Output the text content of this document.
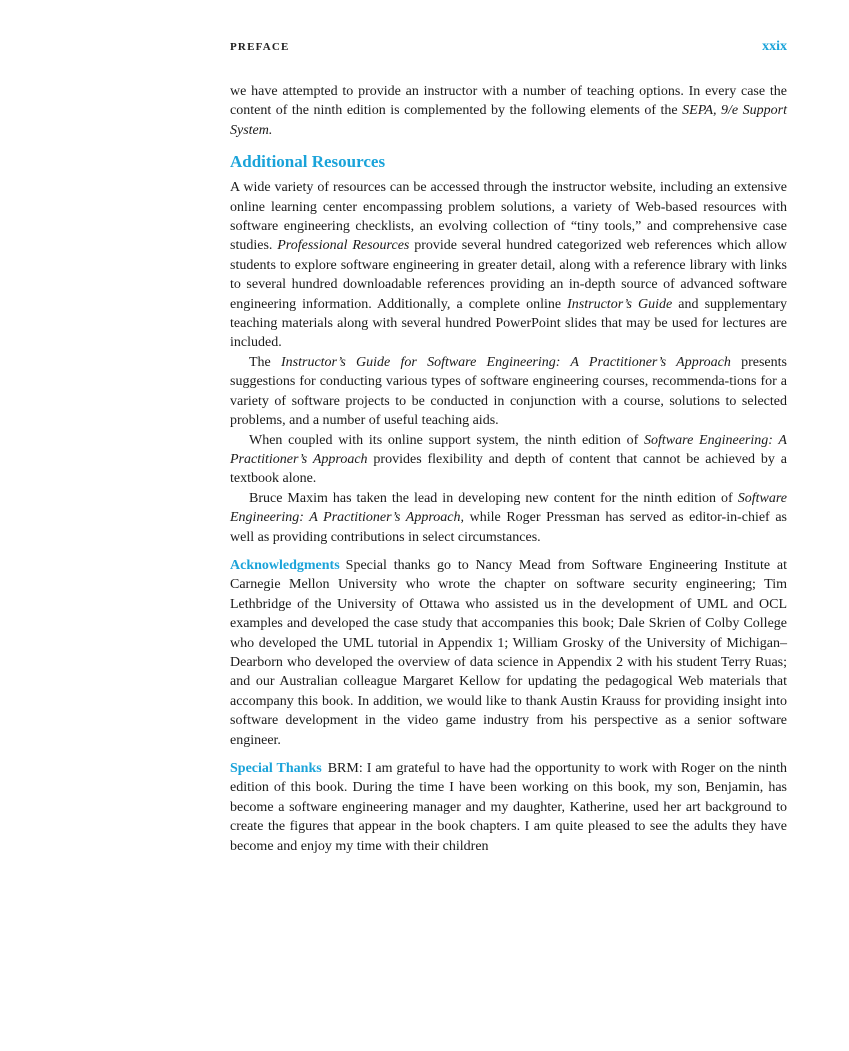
PREFACE	xxix

we have attempted to provide an instructor with a number of teaching options. In every case the content of the ninth edition is complemented by the following elements of the SEPA, 9/e Support System.

Additional Resources

A wide variety of resources can be accessed through the instructor website, including an extensive online learning center encompassing problem solutions, a variety of Web-based resources with software engineering checklists, an evolving collection of “tiny tools,” and comprehensive case studies. Professional Resources provide several hundred categorized web references which allow students to explore software engineering in greater detail, along with a reference library with links to several hundred downloadable references providing an in-depth source of advanced software engineering information. Additionally, a complete online Instructor’s Guide and supplementary teaching materials along with several hundred PowerPoint slides that may be used for lectures are included.

The Instructor’s Guide for Software Engineering: A Practitioner’s Approach presents suggestions for conducting various types of software engineering courses, recommenda-tions for a variety of software projects to be conducted in conjunction with a course, solutions to selected problems, and a number of useful teaching aids.

When coupled with its online support system, the ninth edition of Software Engineering: A Practitioner’s Approach provides flexibility and depth of content that cannot be achieved by a textbook alone.

Bruce Maxim has taken the lead in developing new content for the ninth edition of Software Engineering: A Practitioner’s Approach, while Roger Pressman has served as editor-in-chief as well as providing contributions in select circumstances.

Acknowledgments Special thanks go to Nancy Mead from Software Engineering Institute at Carnegie Mellon University who wrote the chapter on software security engineering; Tim Lethbridge of the University of Ottawa who assisted us in the development of UML and OCL examples and developed the case study that accompanies this book; Dale Skrien of Colby College who developed the UML tutorial in Appendix 1; William Grosky of the University of Michigan–Dearborn who developed the overview of data science in Appendix 2 with his student Terry Ruas; and our Australian colleague Margaret Kellow for updating the pedagogical Web materials that accompany this book. In addition, we would like to thank Austin Krauss for providing insight into software development in the video game industry from his perspective as a senior software engineer.

Special Thanks BRM: I am grateful to have had the opportunity to work with Roger on the ninth edition of this book. During the time I have been working on this book, my son, Benjamin, has become a software engineering manager and my daughter, Katherine, used her art background to create the figures that appear in the book chapters. I am quite pleased to see the adults they have become and enjoy my time with their children
